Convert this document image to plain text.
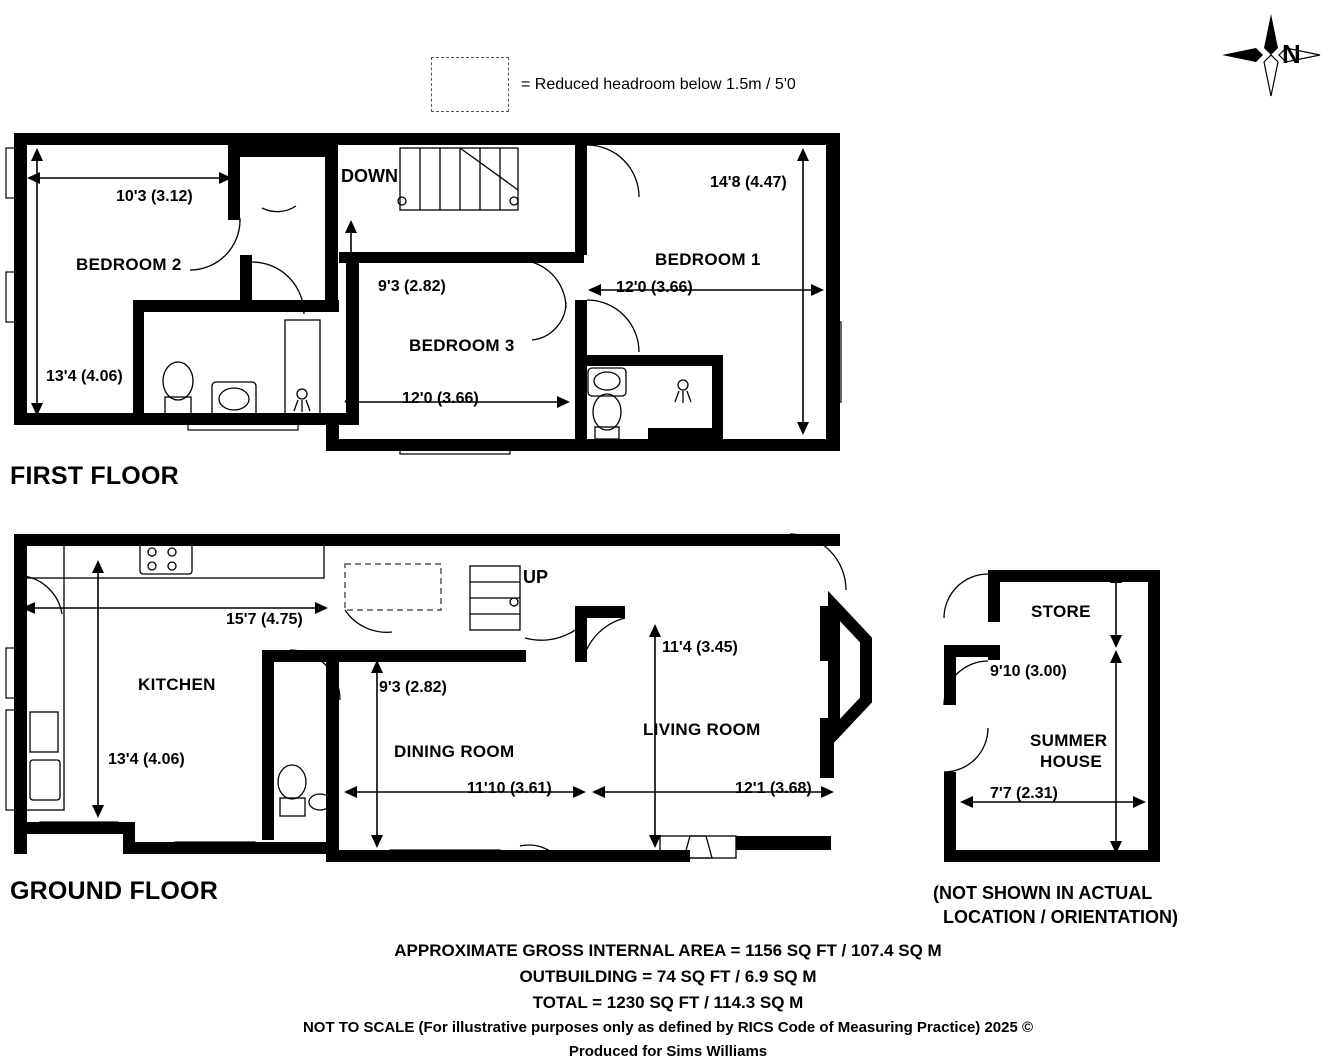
= Reduced headroom below 1.5m / 5'0
N
BEDROOM 2
BEDROOM 3
BEDROOM 1
DOWN
10'3 (3.12)
13'4 (4.06)
9'3 (2.82)
12'0 (3.66)
14'8 (4.47)
12'0 (3.66)
FIRST FLOOR
KITCHEN
DINING ROOM
LIVING ROOM
UP
15'7 (4.75)
13'4 (4.06)
9'3 (2.82)
11'10 (3.61)
11'4 (3.45)
12'1 (3.68)
GROUND FLOOR
STORE
SUMMER
HOUSE
9'10 (3.00)
7'7 (2.31)
(NOT SHOWN IN ACTUAL
LOCATION / ORIENTATION)
APPROXIMATE GROSS INTERNAL AREA = 1156 SQ FT / 107.4 SQ M
OUTBUILDING = 74 SQ FT / 6.9 SQ M
TOTAL = 1230 SQ FT / 114.3 SQ M
NOT TO SCALE (For illustrative purposes only as defined by RICS Code of Measuring Practice) 2025 ©
Produced for Sims Williams
